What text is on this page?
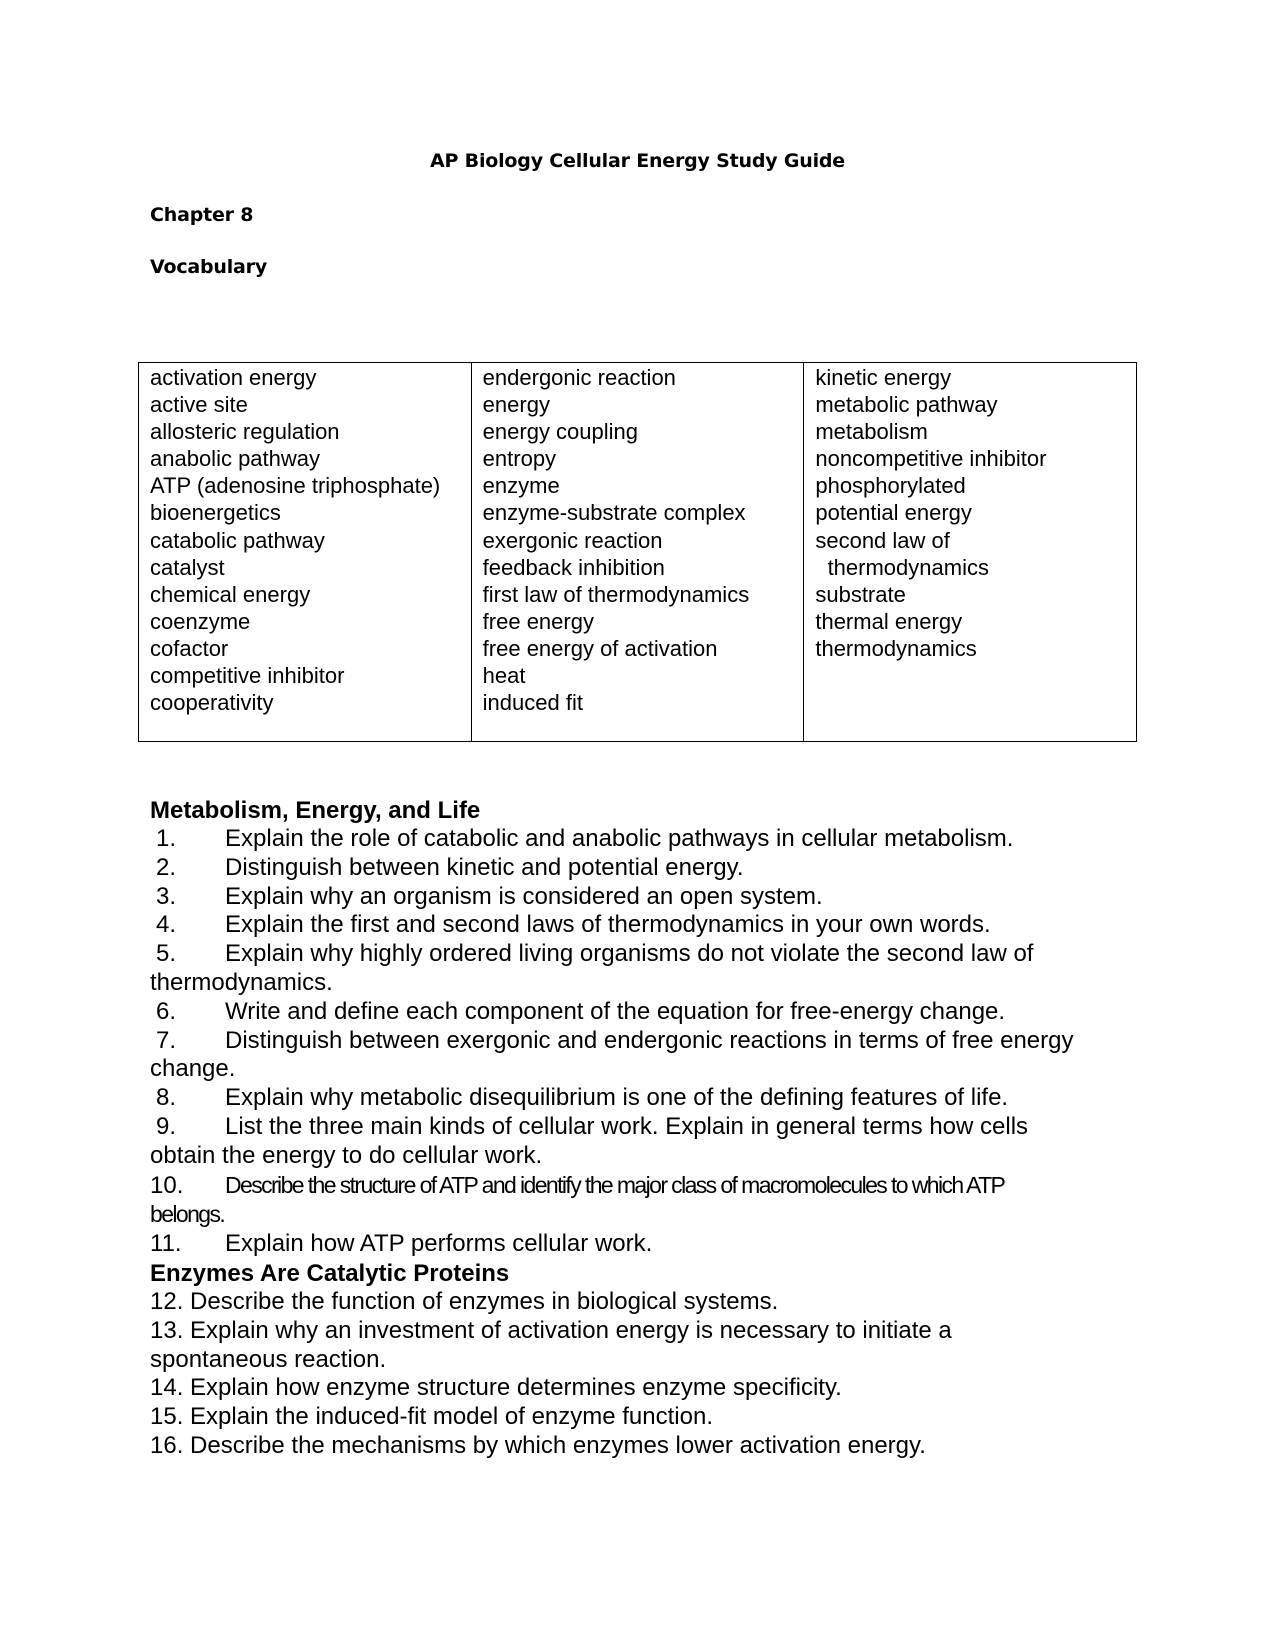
AP Biology Cellular Energy Study Guide
Chapter 8
Vocabulary
activation energy
active site
allosteric regulation
anabolic pathway
ATP (adenosine triphosphate)
bioenergetics
catabolic pathway
catalyst
chemical energy
coenzyme
cofactor
competitive inhibitor
cooperativity
endergonic reaction
energy
energy coupling
entropy
enzyme
enzyme-substrate complex
exergonic reaction
feedback inhibition
first law of thermodynamics
free energy
free energy of activation
heat
induced fit
kinetic energy
metabolic pathway
metabolism
noncompetitive inhibitor
phosphorylated
potential energy
second law of
thermodynamics
substrate
thermal energy
thermodynamics
Metabolism, Energy, and Life
1. Explain the role of catabolic and anabolic pathways in cellular metabolism.
2. Distinguish between kinetic and potential energy.
3. Explain why an organism is considered an open system.
4. Explain the first and second laws of thermodynamics in your own words.
5. Explain why highly ordered living organisms do not violate the second law of
thermodynamics.
6. Write and define each component of the equation for free-energy change.
7. Distinguish between exergonic and endergonic reactions in terms of free energy
change.
8. Explain why metabolic disequilibrium is one of the defining features of life.
9. List the three main kinds of cellular work. Explain in general terms how cells
obtain the energy to do cellular work.
10. Describe the structure of ATP and identify the major class of macromolecules to which ATP
belongs.
11. Explain how ATP performs cellular work.
Enzymes Are Catalytic Proteins
12. Describe the function of enzymes in biological systems.
13. Explain why an investment of activation energy is necessary to initiate a
spontaneous reaction.
14. Explain how enzyme structure determines enzyme specificity.
15. Explain the induced-fit model of enzyme function.
16. Describe the mechanisms by which enzymes lower activation energy.
